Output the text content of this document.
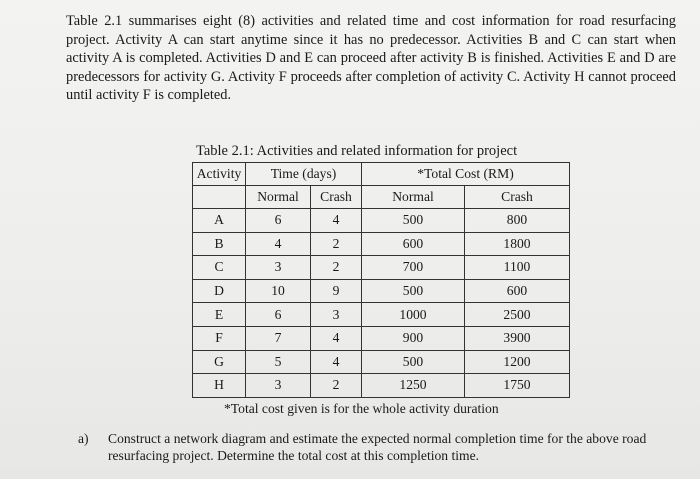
Table 2.1 summarises eight (8) activities and related time and cost information for road resurfacing project. Activity A can start anytime since it has no predecessor. Activities B and C can start when activity A is completed. Activities D and E can proceed after activity B is finished. Activities E and D are predecessors for activity G. Activity F proceeds after completion of activity C. Activity H cannot proceed until activity F is completed.

Table 2.1: Activities and related information for project

Activity	Time (days)		*Total Cost (RM)	
	Normal	Crash	Normal	Crash
A	6	4	500	800
B	4	2	600	1800
C	3	2	700	1100
D	10	9	500	600
E	6	3	1000	2500
F	7	4	900	3900
G	5	4	500	1200
H	3	2	1250	1750

*Total cost given is for the whole activity duration

a) Construct a network diagram and estimate the expected normal completion time for the above road resurfacing project. Determine the total cost at this completion time.
